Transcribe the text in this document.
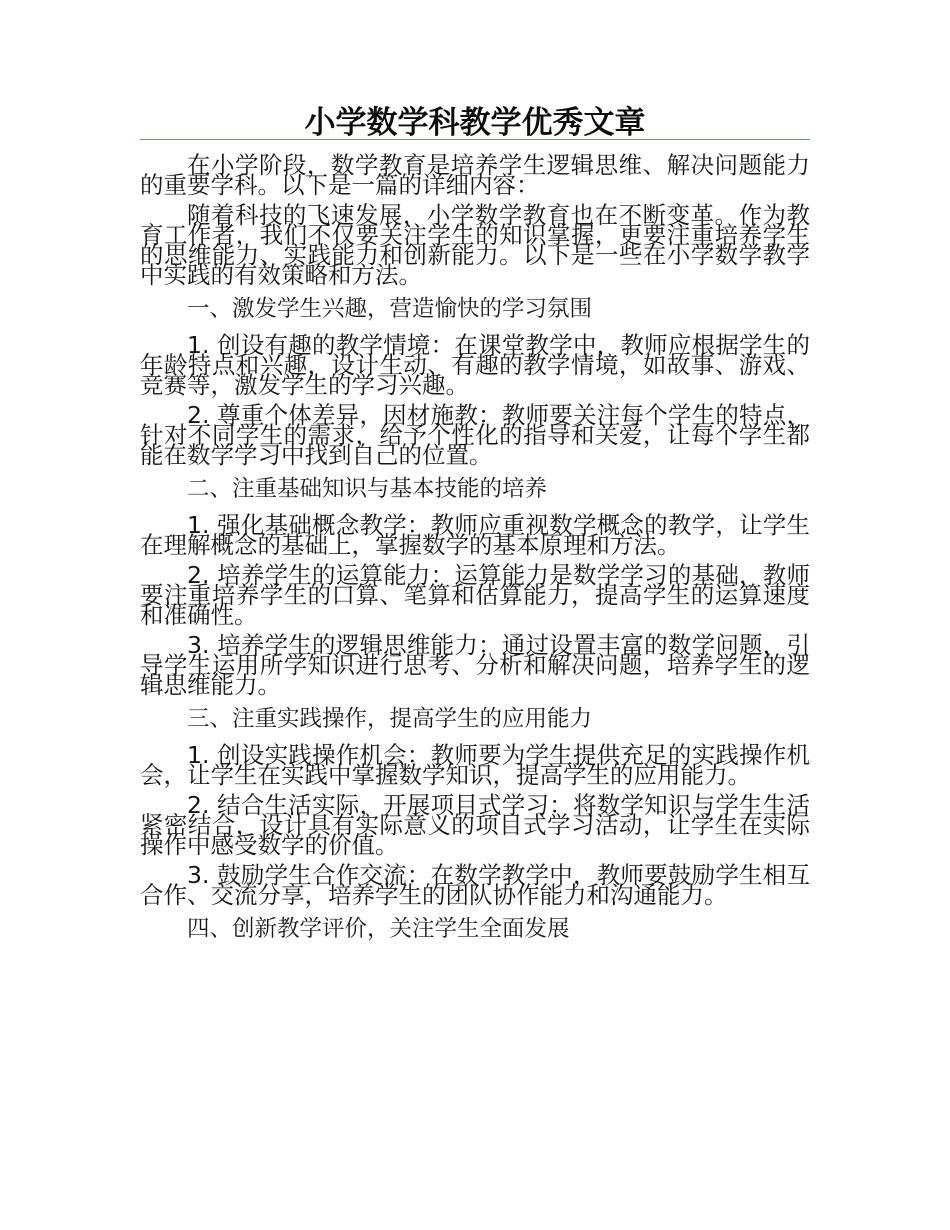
小学数学科教学优秀文章

在小学阶段，数学教育是培养学生逻辑思维、解决问题能力的重要学科。以下是一篇的详细内容：

随着科技的飞速发展，小学数学教育也在不断变革。作为教育工作者，我们不仅要关注学生的知识掌握，更要注重培养学生的思维能力、实践能力和创新能力。以下是一些在小学数学教学中实践的有效策略和方法。

一、激发学生兴趣，营造愉快的学习氛围

1. 创设有趣的教学情境：在课堂教学中，教师应根据学生的年龄特点和兴趣，设计生动、有趣的教学情境，如故事、游戏、竞赛等，激发学生的学习兴趣。

2. 尊重个体差异，因材施教：教师要关注每个学生的特点，针对不同学生的需求，给予个性化的指导和关爱，让每个学生都能在数学学习中找到自己的位置。

二、注重基础知识与基本技能的培养

1. 强化基础概念教学：教师应重视数学概念的教学，让学生在理解概念的基础上，掌握数学的基本原理和方法。

2. 培养学生的运算能力：运算能力是数学学习的基础，教师要注重培养学生的口算、笔算和估算能力，提高学生的运算速度和准确性。

3. 培养学生的逻辑思维能力：通过设置丰富的数学问题，引导学生运用所学知识进行思考、分析和解决问题，培养学生的逻辑思维能力。

三、注重实践操作，提高学生的应用能力

1. 创设实践操作机会：教师要为学生提供充足的实践操作机会，让学生在实践中掌握数学知识，提高学生的应用能力。

2. 结合生活实际，开展项目式学习：将数学知识与学生生活紧密结合，设计具有实际意义的项目式学习活动，让学生在实际操作中感受数学的价值。

3. 鼓励学生合作交流：在数学教学中，教师要鼓励学生相互合作、交流分享，培养学生的团队协作能力和沟通能力。

四、创新教学评价，关注学生全面发展
